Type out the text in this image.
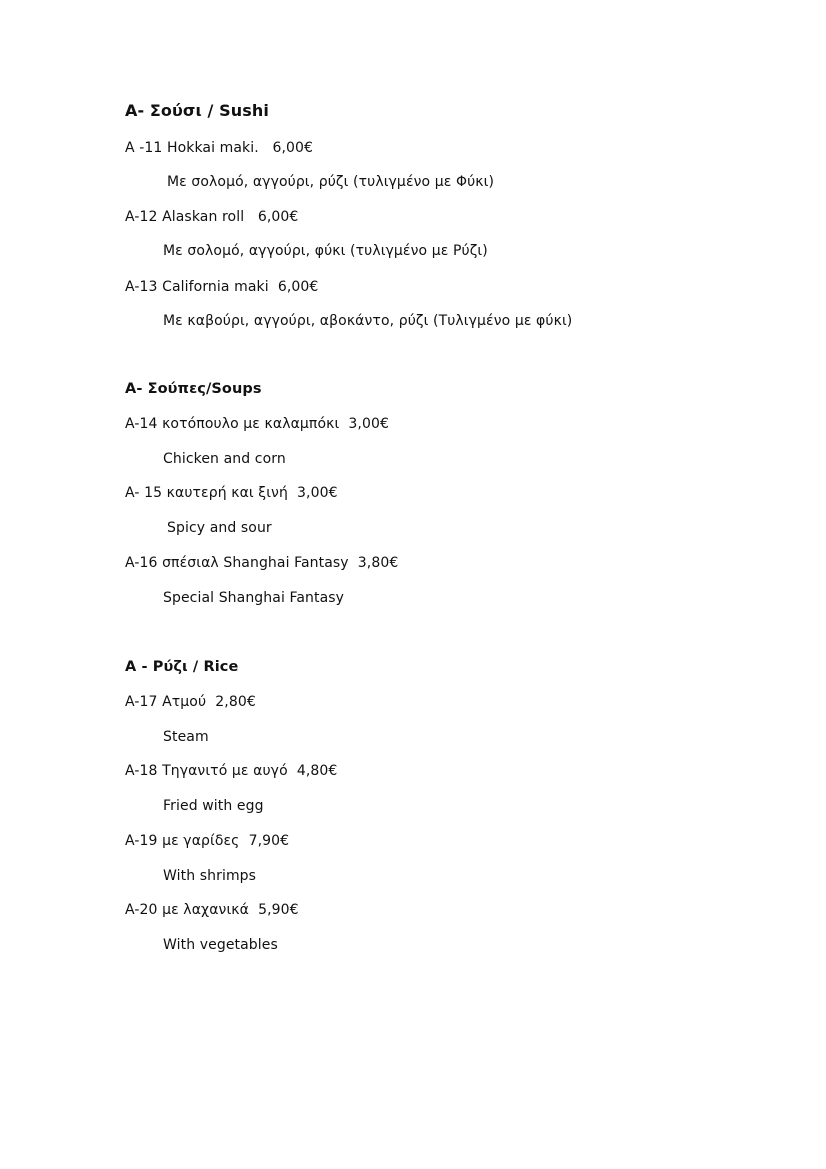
A- Σούσι / Sushi
A -11 Hokkai maki.   6,00€
Με σολομό, αγγούρι, ρύζι (τυλιγμένο με Φύκι)
A-12 Alaskan roll   6,00€
Με σολομό, αγγούρι, φύκι (τυλιγμένο με Ρύζι)
A-13 California maki  6,00€
Με καβούρι, αγγούρι, αβοκάντο, ρύζι (Τυλιγμένο με φύκι)
A- Σούπες/Soups
A-14 κοτόπουλο με καλαμπόκι  3,00€
Chicken and corn
A- 15 καυτερή και ξινή  3,00€
Spicy and sour
A-16 σπέσιαλ Shanghai Fantasy  3,80€
Special Shanghai Fantasy
A - Ρύζι / Rice
A-17 Ατμού  2,80€
Steam
A-18 Τηγανιτό με αυγό  4,80€
Fried with egg
A-19 με γαρίδες  7,90€
With shrimps
A-20 με λαχανικά  5,90€
With vegetables
